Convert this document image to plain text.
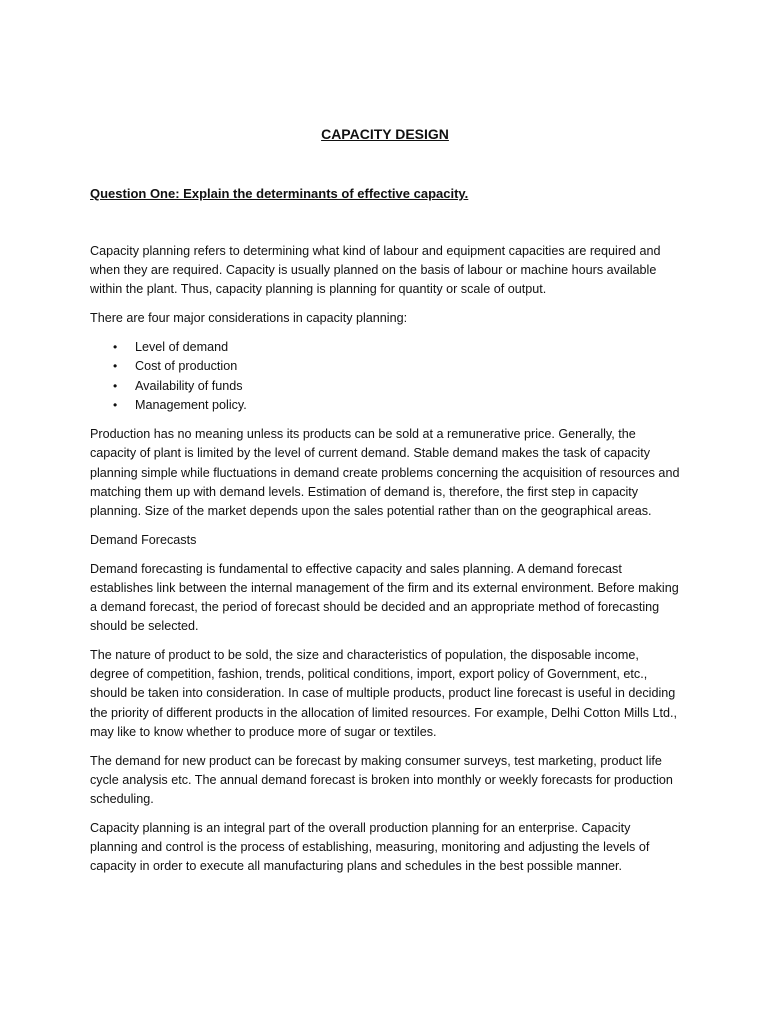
CAPACITY DESIGN
Question One: Explain the determinants of effective capacity.

Capacity planning refers to determining what kind of labour and equipment capacities are required and when they are required. Capacity is usually planned on the basis of labour or machine hours available within the plant. Thus, capacity planning is planning for quantity or scale of output.

There are four major considerations in capacity planning:

• Level of demand
• Cost of production
• Availability of funds
• Management policy.

Production has no meaning unless its products can be sold at a remunerative price. Generally, the capacity of plant is limited by the level of current demand. Stable demand makes the task of capacity planning simple while fluctuations in demand create problems concerning the acquisition of resources and matching them up with demand levels. Estimation of demand is, therefore, the first step in capacity planning. Size of the market depends upon the sales potential rather than on the geographical areas.

Demand Forecasts

Demand forecasting is fundamental to effective capacity and sales planning. A demand forecast establishes link between the internal management of the firm and its external environment. Before making a demand forecast, the period of forecast should be decided and an appropriate method of forecasting should be selected.

The nature of product to be sold, the size and characteristics of population, the disposable income, degree of competition, fashion, trends, political conditions, import, export policy of Government, etc., should be taken into consideration. In case of multiple products, product line forecast is useful in deciding the priority of different products in the allocation of limited resources. For example, Delhi Cotton Mills Ltd., may like to know whether to produce more of sugar or textiles.

The demand for new product can be forecast by making consumer surveys, test marketing, product life cycle analysis etc. The annual demand forecast is broken into monthly or weekly forecasts for production scheduling.

Capacity planning is an integral part of the overall production planning for an enterprise. Capacity planning and control is the process of establishing, measuring, monitoring and adjusting the levels of capacity in order to execute all manufacturing plans and schedules in the best possible manner.
